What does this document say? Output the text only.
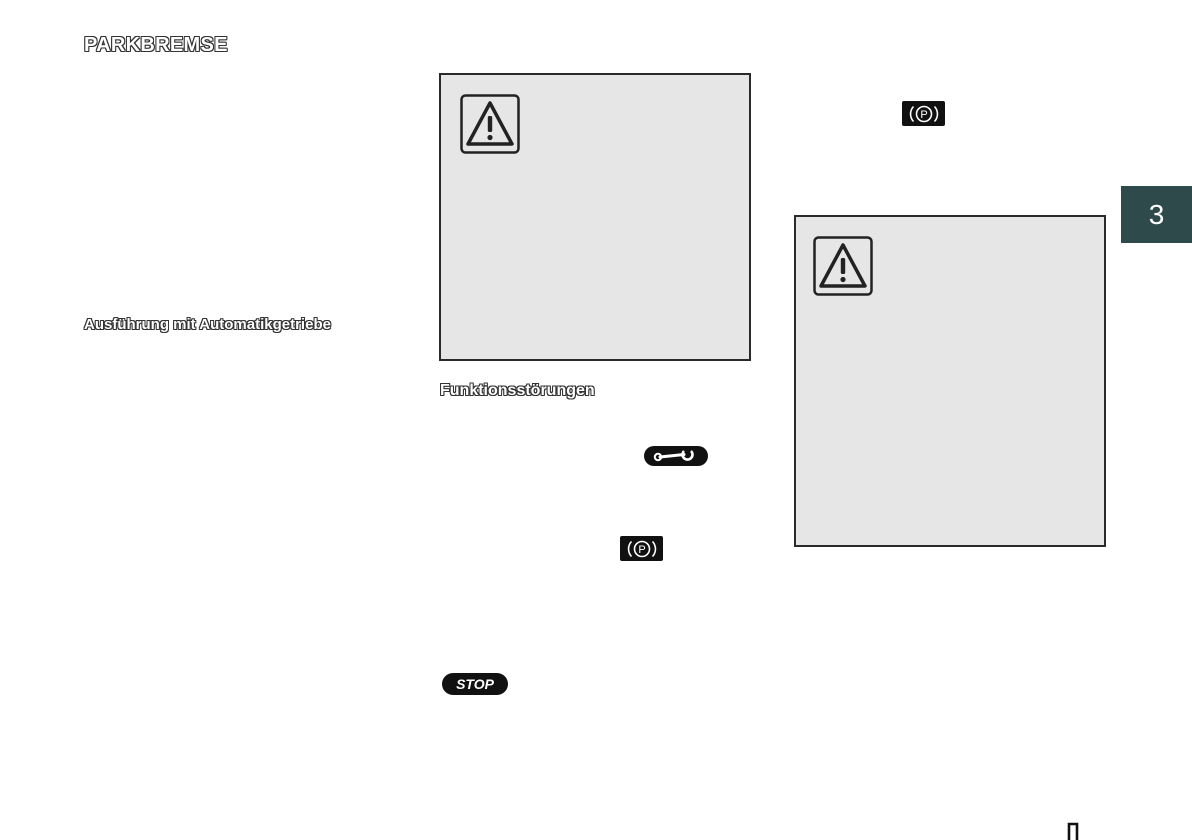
PARKBREMSE
Ausführung mit Automatikgetriebe
Funktionsstörungen
P
P
STOP
3
